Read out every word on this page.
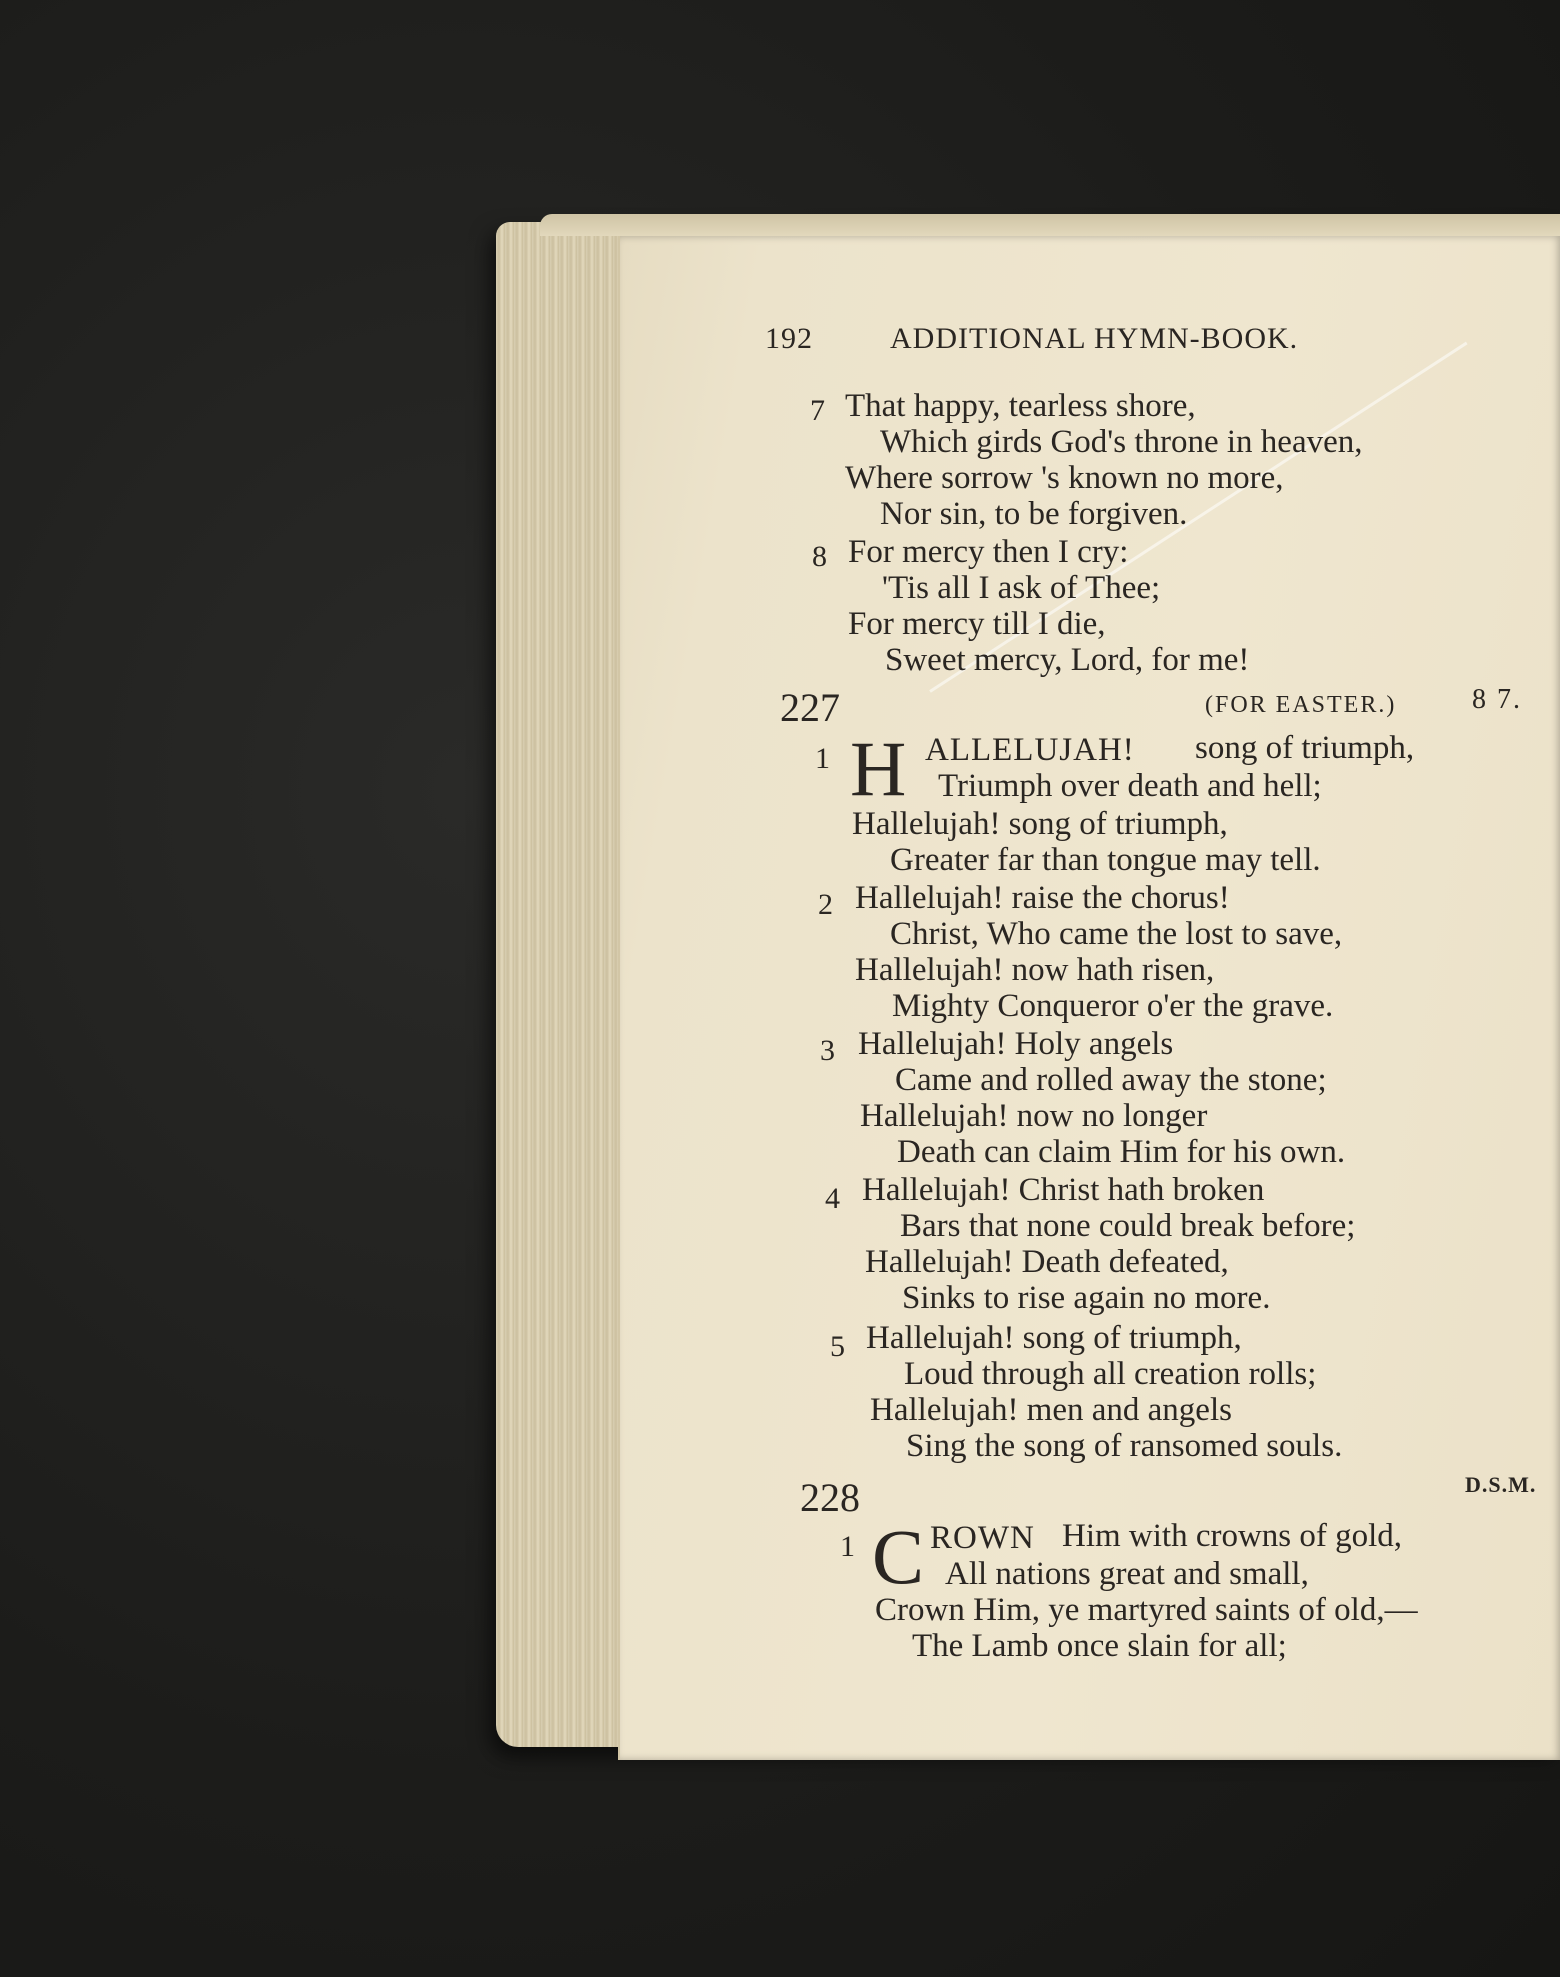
192	ADDITIONAL HYMN-BOOK.
7 That happy, tearless shore,
Which girds God's throne in heaven,
Where sorrow 's known no more,
Nor sin, to be forgiven.
8 For mercy then I cry:
'Tis all I ask of Thee;
For mercy till I die,
Sweet mercy, Lord, for me!
227	(FOR EASTER.)	8 7.
1 H ALLELUJAH! song of triumph,
Triumph over death and hell;
Hallelujah! song of triumph,
Greater far than tongue may tell.
2 Hallelujah! raise the chorus!
Christ, Who came the lost to save,
Hallelujah! now hath risen,
Mighty Conqueror o'er the grave.
3 Hallelujah! Holy angels
Came and rolled away the stone;
Hallelujah! now no longer
Death can claim Him for his own.
4 Hallelujah! Christ hath broken
Bars that none could break before;
Hallelujah! Death defeated,
Sinks to rise again no more.
5 Hallelujah! song of triumph,
Loud through all creation rolls;
Hallelujah! men and angels
Sing the song of ransomed souls.
228	D.S.M.
1 C ROWN Him with crowns of gold,
All nations great and small,
Crown Him, ye martyred saints of old,—
The Lamb once slain for all;
